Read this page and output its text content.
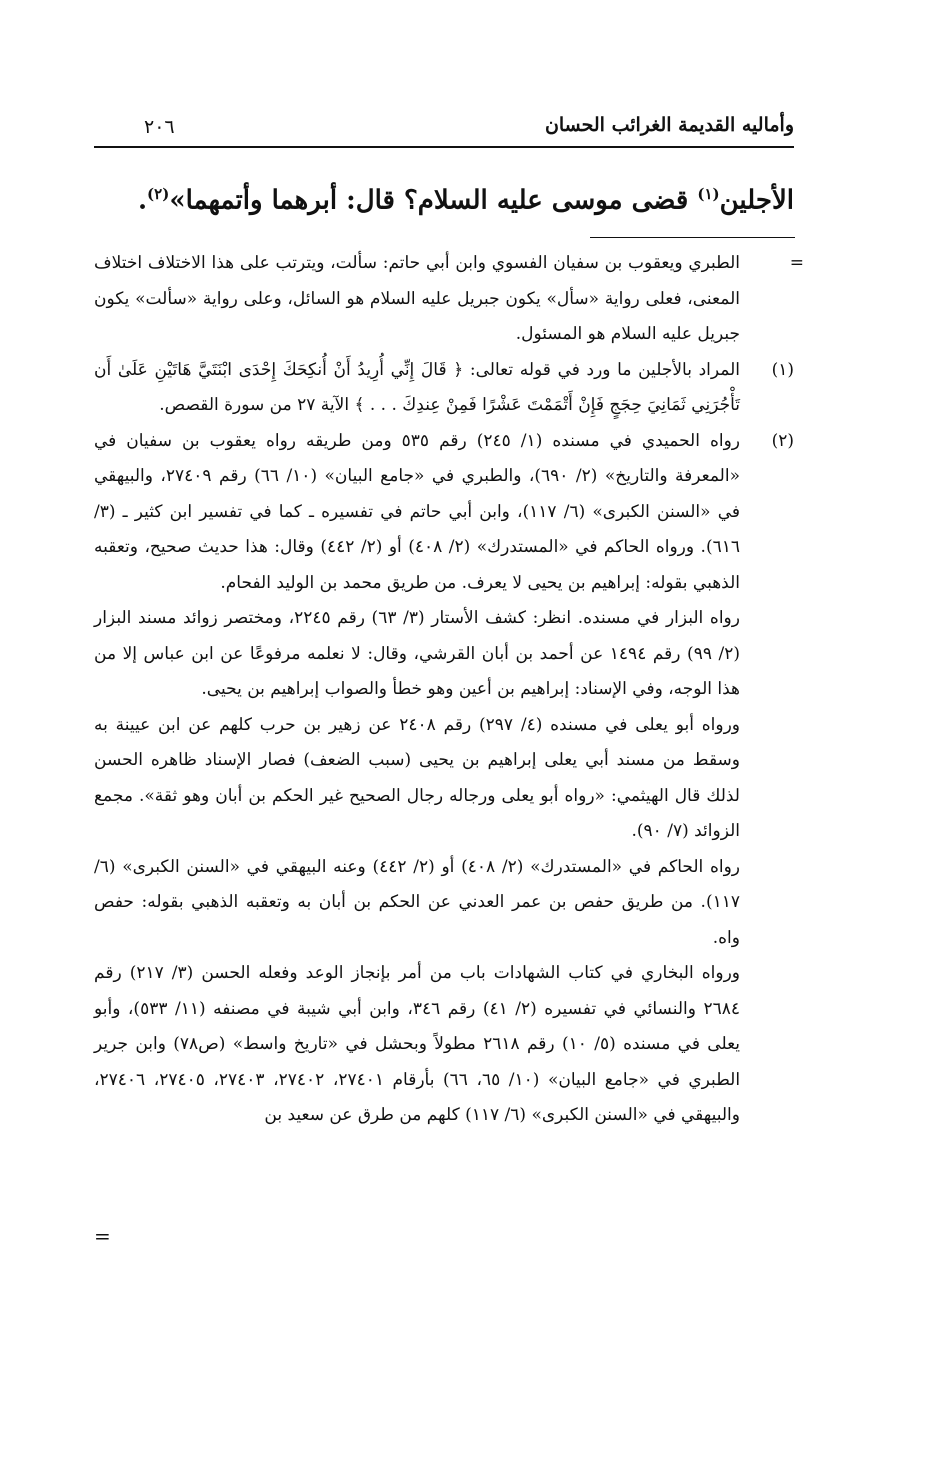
٢٠٦	وأماليه القديمة الغرائب الحسان
الأجلين$^{(١)}$ قضى موسى عليه السلام؟ قال: أبرهما وأتمهما»$^{(٢)}$.

=
الطبري ويعقوب بن سفيان الفسوي وابن أبي حاتم: سألت، ويترتب على هذا الاختلاف اختلاف المعنى، فعلى رواية «سأل» يكون جبريل عليه السلام هو السائل، وعلى رواية «سألت» يكون جبريل عليه السلام هو المسئول.

(١)
المراد بالأجلين ما ورد في قوله تعالى: ﴿ قَالَ إِنِّي أُرِيدُ أَنْ أُنكِحَكَ إِحْدَى ابْنَتَيَّ هَاتَيْنِ عَلَىٰ أَن تَأْجُرَنِي ثَمَانِيَ حِجَجٍ فَإِنْ أَتْمَمْتَ عَشْرًا فَمِنْ عِندِكَ . . . ﴾ الآية ٢٧ من سورة القصص.

(٢)
رواه الحميدي في مسنده (١/ ٢٤٥) رقم ٥٣٥ ومن طريقه رواه يعقوب بن سفيان في «المعرفة والتاريخ» (٢/ ٦٩٠)، والطبري في «جامع البيان» (١٠/ ٦٦) رقم ٢٧٤٠٩، والبيهقي في «السنن الكبرى» (٦/ ١١٧)، وابن أبي حاتم في تفسيره ـ كما في تفسير ابن كثير ـ (٣/ ٦١٦). ورواه الحاكم في «المستدرك» (٢/ ٤٠٨) أو (٢/ ٤٤٢) وقال: هذا حديث صحيح، وتعقبه الذهبي بقوله: إبراهيم بن يحيى لا يعرف. من طريق محمد بن الوليد الفحام.

رواه البزار في مسنده. انظر: كشف الأستار (٣/ ٦٣) رقم ٢٢٤٥، ومختصر زوائد مسند البزار (٢/ ٩٩) رقم ١٤٩٤ عن أحمد بن أبان القرشي، وقال: لا نعلمه مرفوعًا عن ابن عباس إلا من هذا الوجه، وفي الإسناد: إبراهيم بن أعين وهو خطأ والصواب إبراهيم بن يحيى.

ورواه أبو يعلى في مسنده (٤/ ٢٩٧) رقم ٢٤٠٨ عن زهير بن حرب كلهم عن ابن عيينة به وسقط من مسند أبي يعلى إبراهيم بن يحيى (سبب الضعف) فصار الإسناد ظاهره الحسن لذلك قال الهيثمي: «رواه أبو يعلى ورجاله رجال الصحيح غير الحكم بن أبان وهو ثقة». مجمع الزوائد (٧/ ٩٠).

رواه الحاكم في «المستدرك» (٢/ ٤٠٨) أو (٢/ ٤٤٢) وعنه البيهقي في «السنن الكبرى» (٦/ ١١٧). من طريق حفص بن عمر العدني عن الحكم بن أبان به وتعقبه الذهبي بقوله: حفص واه.

ورواه البخاري في كتاب الشهادات باب من أمر بإنجاز الوعد وفعله الحسن (٣/ ٢١٧) رقم ٢٦٨٤ والنسائي في تفسيره (٢/ ٤١) رقم ٣٤٦، وابن أبي شيبة في مصنفه (١١/ ٥٣٣)، وأبو يعلى في مسنده (٥/ ١٠) رقم ٢٦١٨ مطولاً وبحشل في «تاريخ واسط» (ص٧٨) وابن جرير الطبري في «جامع البيان» (١٠/ ٦٥، ٦٦) بأرقام ٢٧٤٠١، ٢٧٤٠٢، ٢٧٤٠٣، ٢٧٤٠٥، ٢٧٤٠٦، والبيهقي في «السنن الكبرى» (٦/ ١١٧) كلهم من طرق عن سعيد بن

=
